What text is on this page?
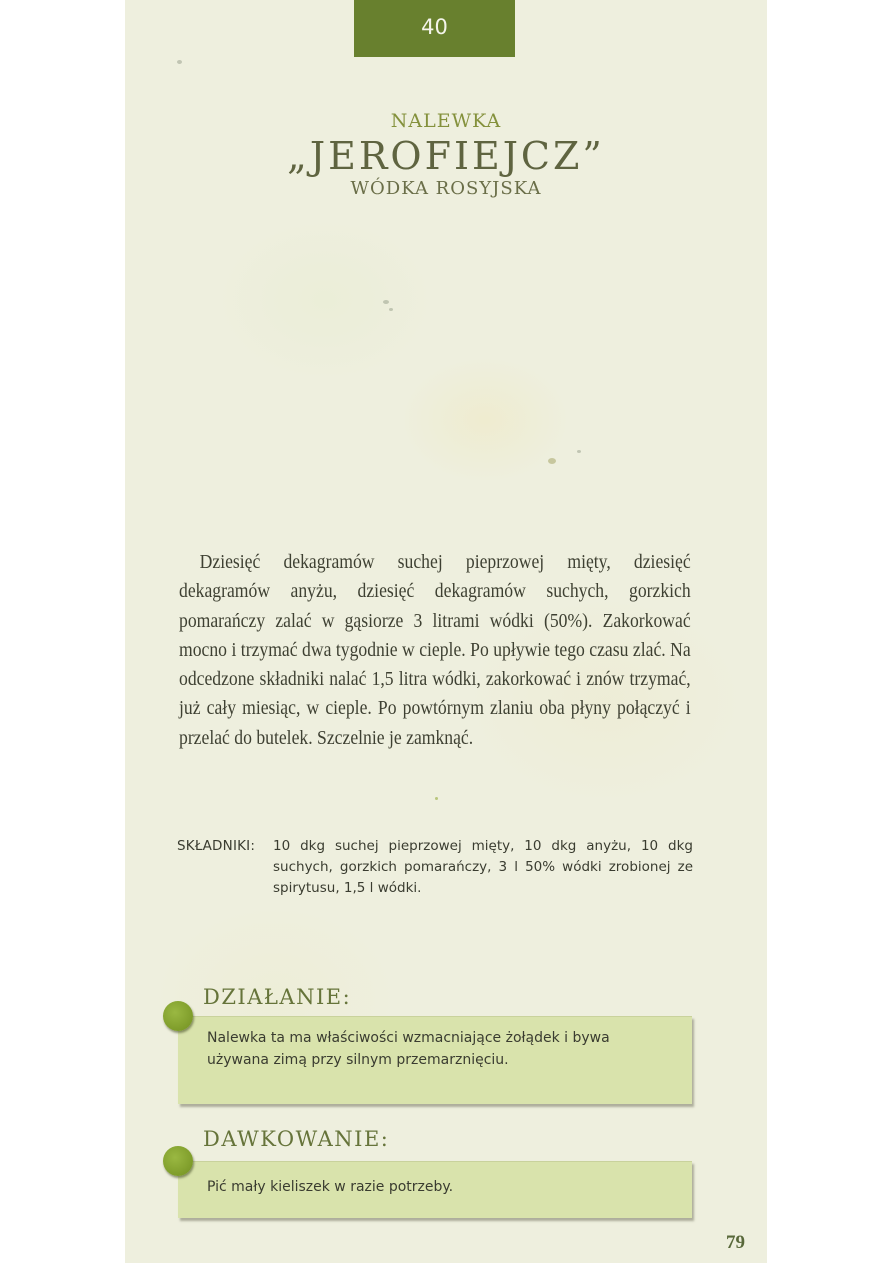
40
NALEWKA
„JEROFIEJCZ”
WÓDKA ROSYJSKA

Dziesięć dekagramów suchej pieprzowej mięty, dziesięć dekagramów anyżu, dziesięć dekagramów suchych, gorzkich pomarańczy zalać w gąsiorze 3 litrami wódki (50%). Zakorkować mocno i trzymać dwa tygodnie w cieple. Po upływie tego czasu zlać. Na odcedzone składniki nalać 1,5 litra wódki, zakorkować i znów trzymać, już cały miesiąc, w cieple. Po powtórnym zlaniu oba płyny połączyć i przelać do butelek. Szczelnie je zamknąć.

SKŁADNIKI: 10 dkg suchej pieprzowej mięty, 10 dkg anyżu, 10 dkg suchych, gorzkich pomarańczy, 3 l 50% wódki zrobionej ze spirytusu, 1,5 l wódki.
DZIAŁANIE:
Nalewka ta ma właściwości wzmacniające żołądek i bywa używana zimą przy silnym przemarznięciu.
DAWKOWANIE:
Pić mały kieliszek w razie potrzeby.
79
